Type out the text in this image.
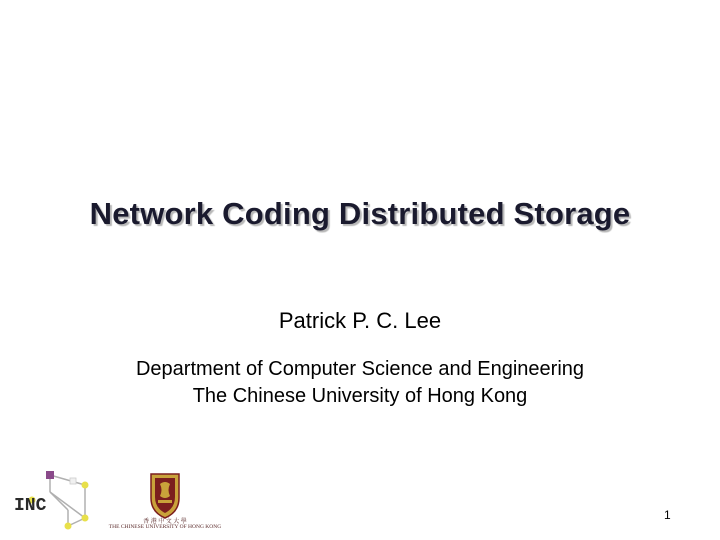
Network Coding Distributed Storage
Patrick P. C. Lee
Department of Computer Science and Engineering
The Chinese University of Hong Kong
INC
香 港 中 文 大 學
THE CHINESE UNIVERSITY OF HONG KONG
1
